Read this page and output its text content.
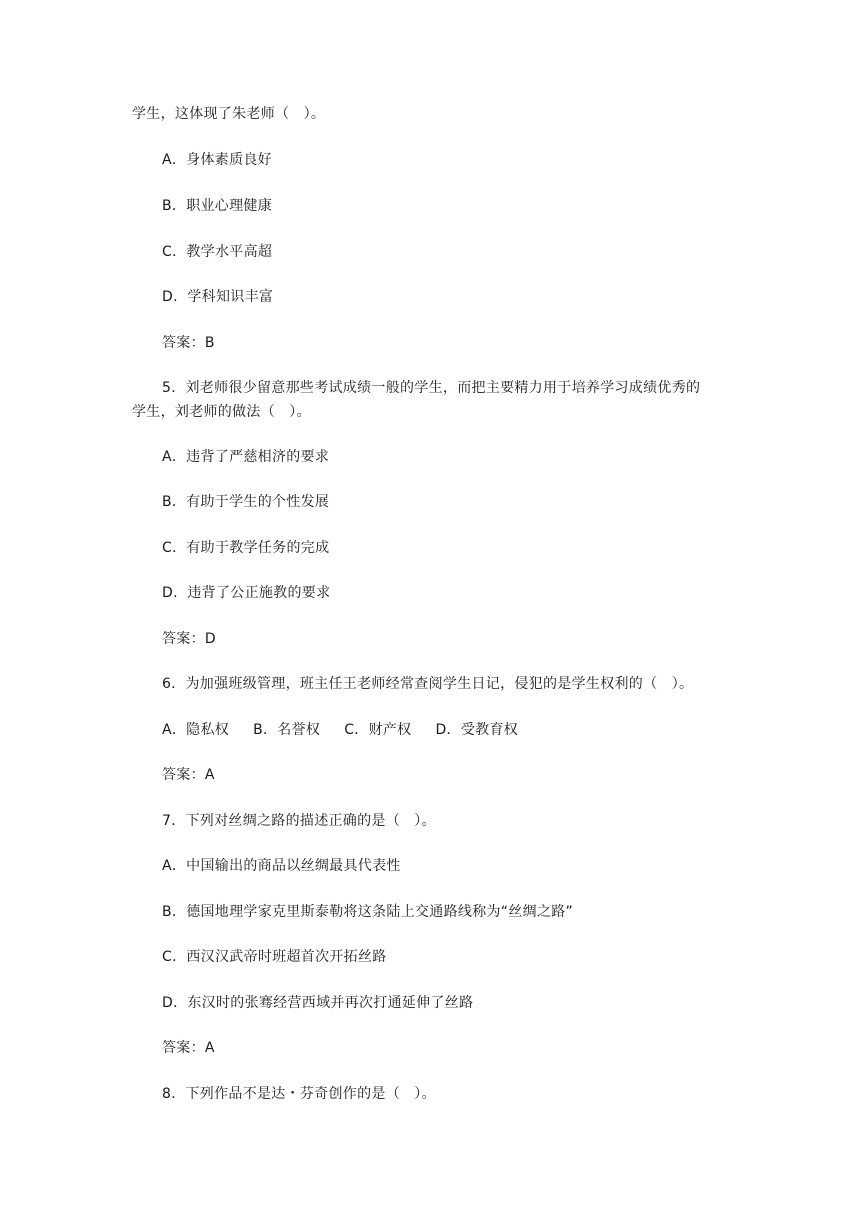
学生，这体现了朱老师（　）。
A．身体素质良好
B．职业心理健康
C．教学水平高超
D．学科知识丰富
答案：B
5．刘老师很少留意那些考试成绩一般的学生，而把主要精力用于培养学习成绩优秀的
学生，刘老师的做法（　）。
A．违背了严慈相济的要求
B．有助于学生的个性发展
C．有助于教学任务的完成
D．违背了公正施教的要求
答案：D
6．为加强班级管理，班主任王老师经常查阅学生日记，侵犯的是学生权利的（　）。
A．隐私权 B．名誉权 C．财产权 D．受教育权
答案：A
7．下列对丝绸之路的描述正确的是（　）。
A．中国输出的商品以丝绸最具代表性
B．德国地理学家克里斯泰勒将这条陆上交通路线称为“丝绸之路”
C．西汉汉武帝时班超首次开拓丝路
D．东汉时的张骞经营西域并再次打通延伸了丝路
答案：A
8．下列作品不是达・芬奇创作的是（　）。
